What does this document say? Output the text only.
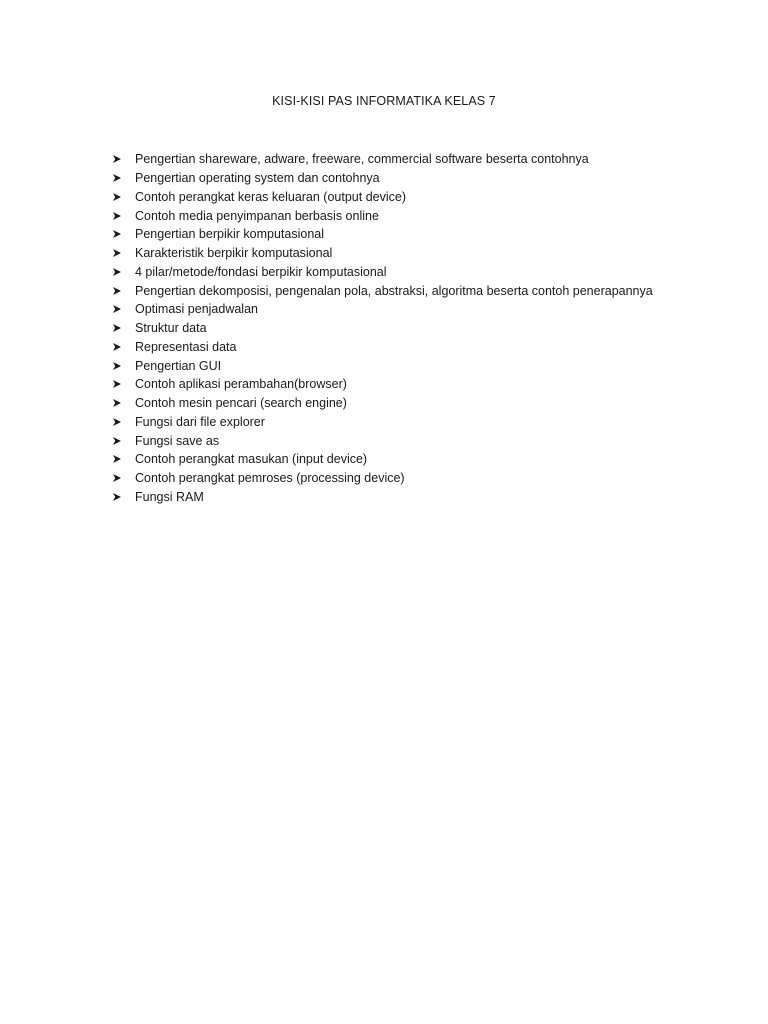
KISI-KISI PAS INFORMATIKA KELAS 7
Pengertian shareware, adware, freeware, commercial software beserta contohnya
Pengertian operating system dan contohnya
Contoh perangkat keras keluaran (output device)
Contoh media penyimpanan berbasis online
Pengertian berpikir komputasional
Karakteristik berpikir komputasional
4 pilar/metode/fondasi berpikir komputasional
Pengertian dekomposisi, pengenalan pola, abstraksi, algoritma beserta contoh penerapannya
Optimasi penjadwalan
Struktur data
Representasi data
Pengertian GUI
Contoh aplikasi perambahan(browser)
Contoh mesin pencari (search engine)
Fungsi dari file explorer
Fungsi save as
Contoh perangkat masukan (input device)
Contoh perangkat pemroses (processing device)
Fungsi RAM
